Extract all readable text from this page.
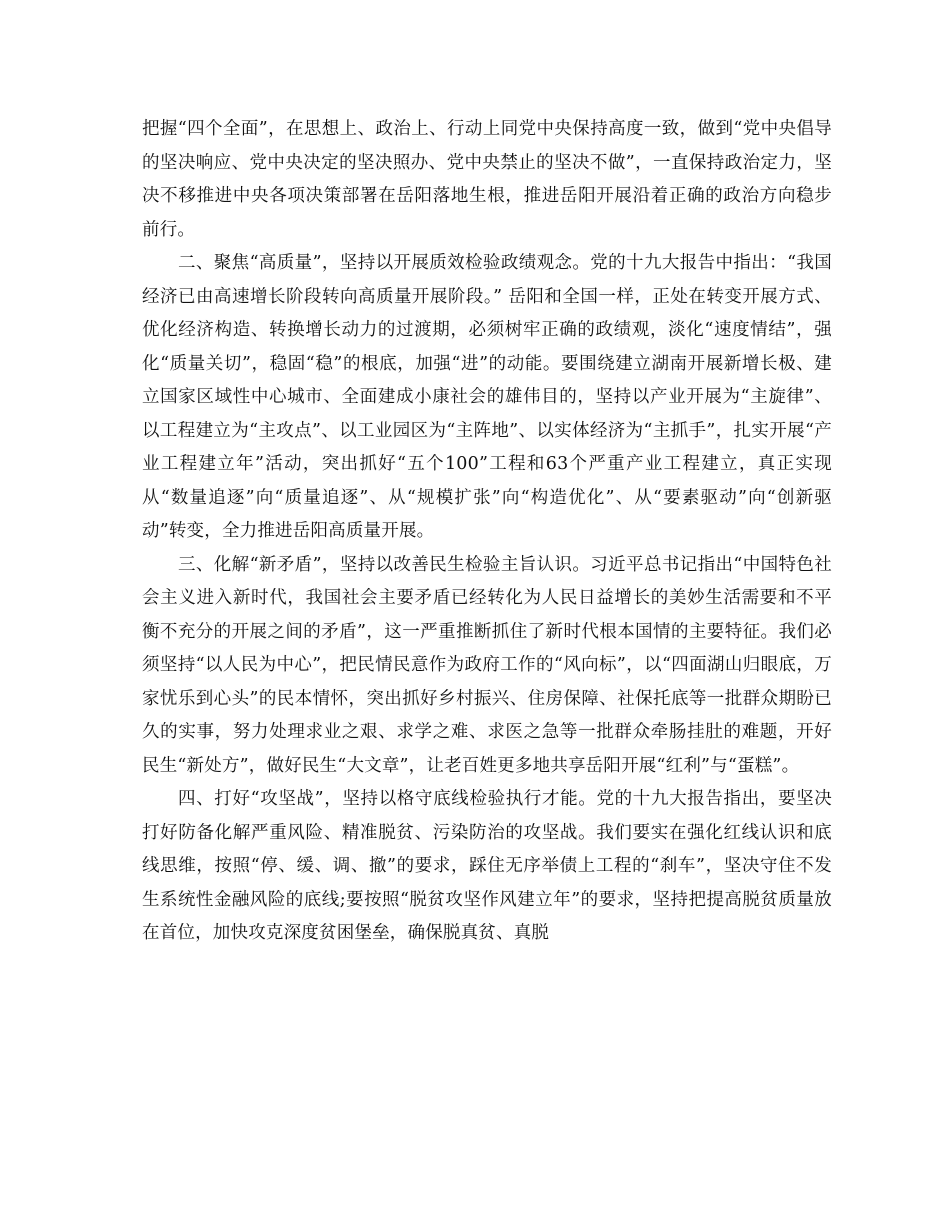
把握“四个全面”，在思想上、政治上、行动上同党中央保持高度一致，做到“党中央倡导的坚决响应、党中央决定的坚决照办、党中央禁止的坚决不做”，一直保持政治定力，坚决不移推进中央各项决策部署在岳阳落地生根，推进岳阳开展沿着正确的政治方向稳步前行。

二、聚焦“高质量”，坚持以开展质效检验政绩观念。党的十九大报告中指出：“我国经济已由高速增长阶段转向高质量开展阶段。” 岳阳和全国一样，正处在转变开展方式、优化经济构造、转换增长动力的过渡期，必须树牢正确的政绩观，淡化“速度情结”，强化“质量关切”，稳固“稳”的根底，加强“进”的动能。要围绕建立湖南开展新增长极、建立国家区域性中心城市、全面建成小康社会的雄伟目的，坚持以产业开展为“主旋律”、以工程建立为“主攻点”、以工业园区为“主阵地”、以实体经济为“主抓手”，扎实开展“产业工程建立年”活动，突出抓好“五个100”工程和63个严重产业工程建立，真正实现从“数量追逐”向“质量追逐”、从“规模扩张”向“构造优化”、从“要素驱动”向“创新驱动”转变，全力推进岳阳高质量开展。

三、化解“新矛盾”，坚持以改善民生检验主旨认识。习近平总书记指出“中国特色社会主义进入新时代，我国社会主要矛盾已经转化为人民日益增长的美妙生活需要和不平衡不充分的开展之间的矛盾”，这一严重推断抓住了新时代根本国情的主要特征。我们必须坚持“以人民为中心”，把民情民意作为政府工作的“风向标”，以“四面湖山归眼底，万家忧乐到心头”的民本情怀，突出抓好乡村振兴、住房保障、社保托底等一批群众期盼已久的实事，努力处理求业之艰、求学之难、求医之急等一批群众牵肠挂肚的难题，开好民生“新处方”，做好民生“大文章”，让老百姓更多地共享岳阳开展“红利”与“蛋糕”。

四、打好“攻坚战”，坚持以格守底线检验执行才能。党的十九大报告指出，要坚决打好防备化解严重风险、精准脱贫、污染防治的攻坚战。我们要实在强化红线认识和底线思维，按照“停、缓、调、撤”的要求，踩住无序举债上工程的“刹车”，坚决守住不发生系统性金融风险的底线;要按照“脱贫攻坚作风建立年”的要求，坚持把提高脱贫质量放在首位，加快攻克深度贫困堡垒，确保脱真贫、真脱
